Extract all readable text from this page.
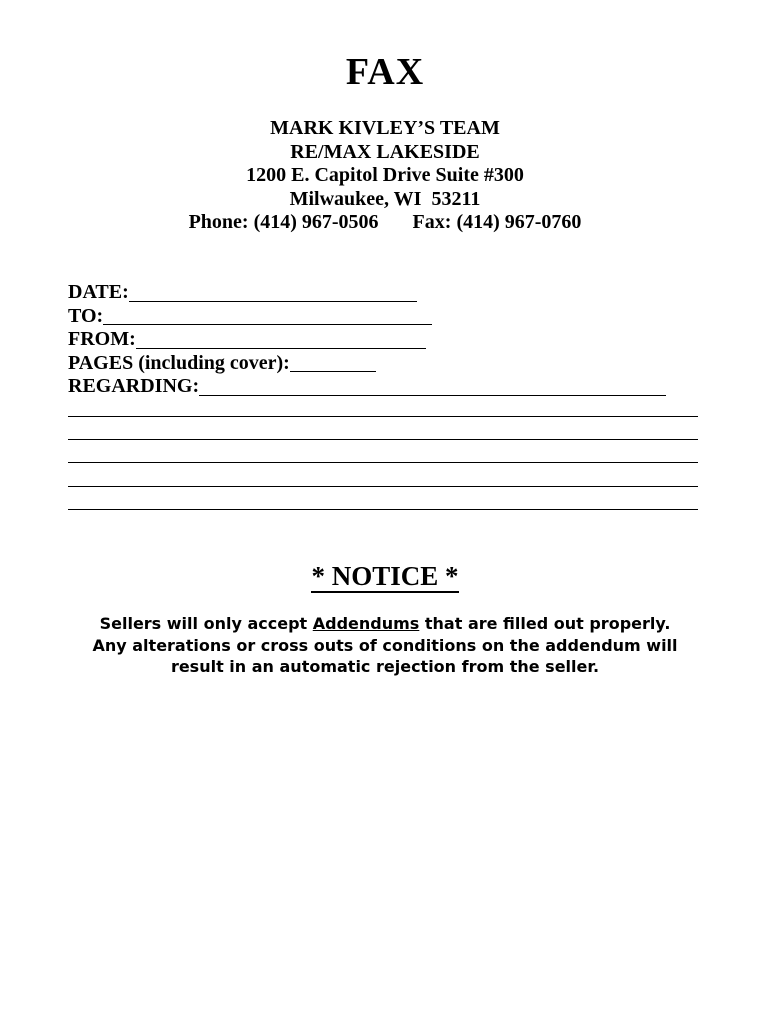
FAX
MARK KIVLEY’S TEAM
RE/MAX LAKESIDE
1200 E. Capitol Drive Suite #300
Milwaukee, WI  53211
Phone: (414) 967-0506 Fax: (414) 967-0760
DATE:
TO:
FROM:
PAGES (including cover):
REGARDING:
* NOTICE *
Sellers will only accept Addendums that are filled out properly.
Any alterations or cross outs of conditions on the addendum will
result in an automatic rejection from the seller.
